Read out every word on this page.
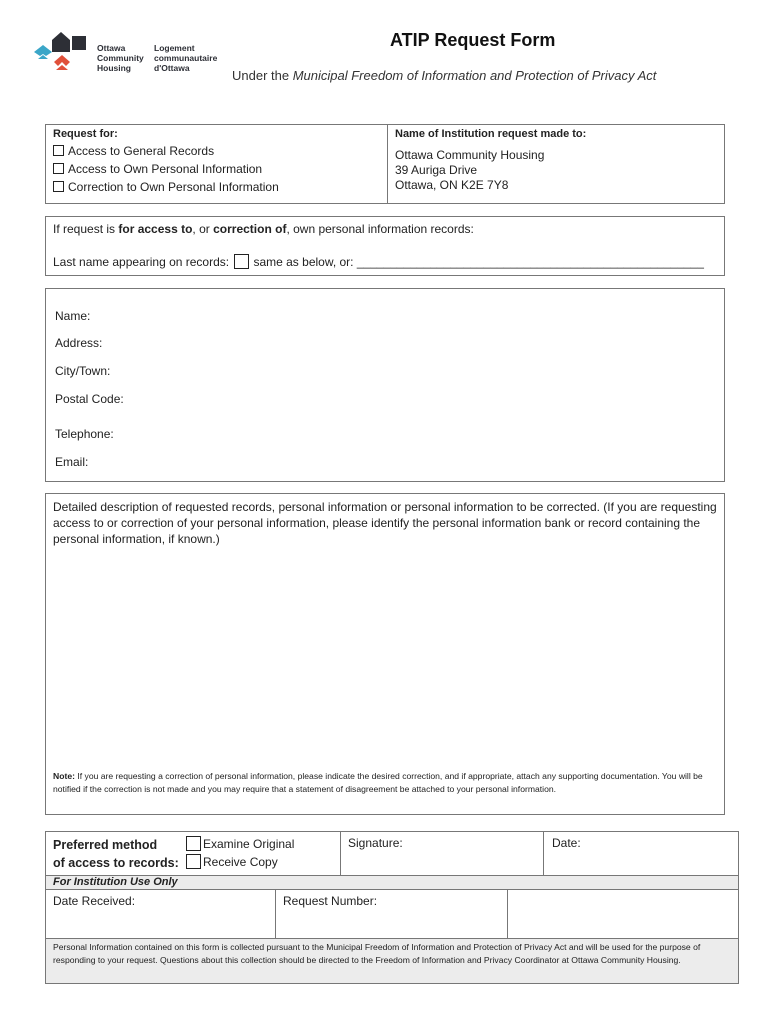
Ottawa
Community
Housing
Logement
communautaire
d'Ottawa
ATIP Request Form
Under the Municipal Freedom of Information and Protection of Privacy Act
Request for:
Access to General Records
Access to Own Personal Information
Correction to Own Personal Information
Name of Institution request made to:
Ottawa Community Housing
39 Auriga Drive
Ottawa, ON K2E 7Y8
If request is for access to, or correction of, own personal information records:
Last name appearing on records: same as below, or: ____________________________________________________
Name:
Address:
City/Town:
Postal Code:
Telephone:
Email:
Detailed description of requested records, personal information or personal information to be corrected. (If you are requesting access to or correction of your personal information, please identify the personal information bank or record containing the personal information, if known.)
Note: If you are requesting a correction of personal information, please indicate the desired correction, and if appropriate, attach any supporting documentation. You will be notified if the correction is not made and you may require that a statement of disagreement be attached to your personal information.
Preferred method
of access to records:
Examine Original
Receive Copy
Signature:	Date:
For Institution Use Only
Date Received:	Request Number:
Personal Information contained on this form is collected pursuant to the Municipal Freedom of Information and Protection of Privacy Act and will be used for the purpose of responding to your request. Questions about this collection should be directed to the Freedom of Information and Privacy Coordinator at Ottawa Community Housing.
